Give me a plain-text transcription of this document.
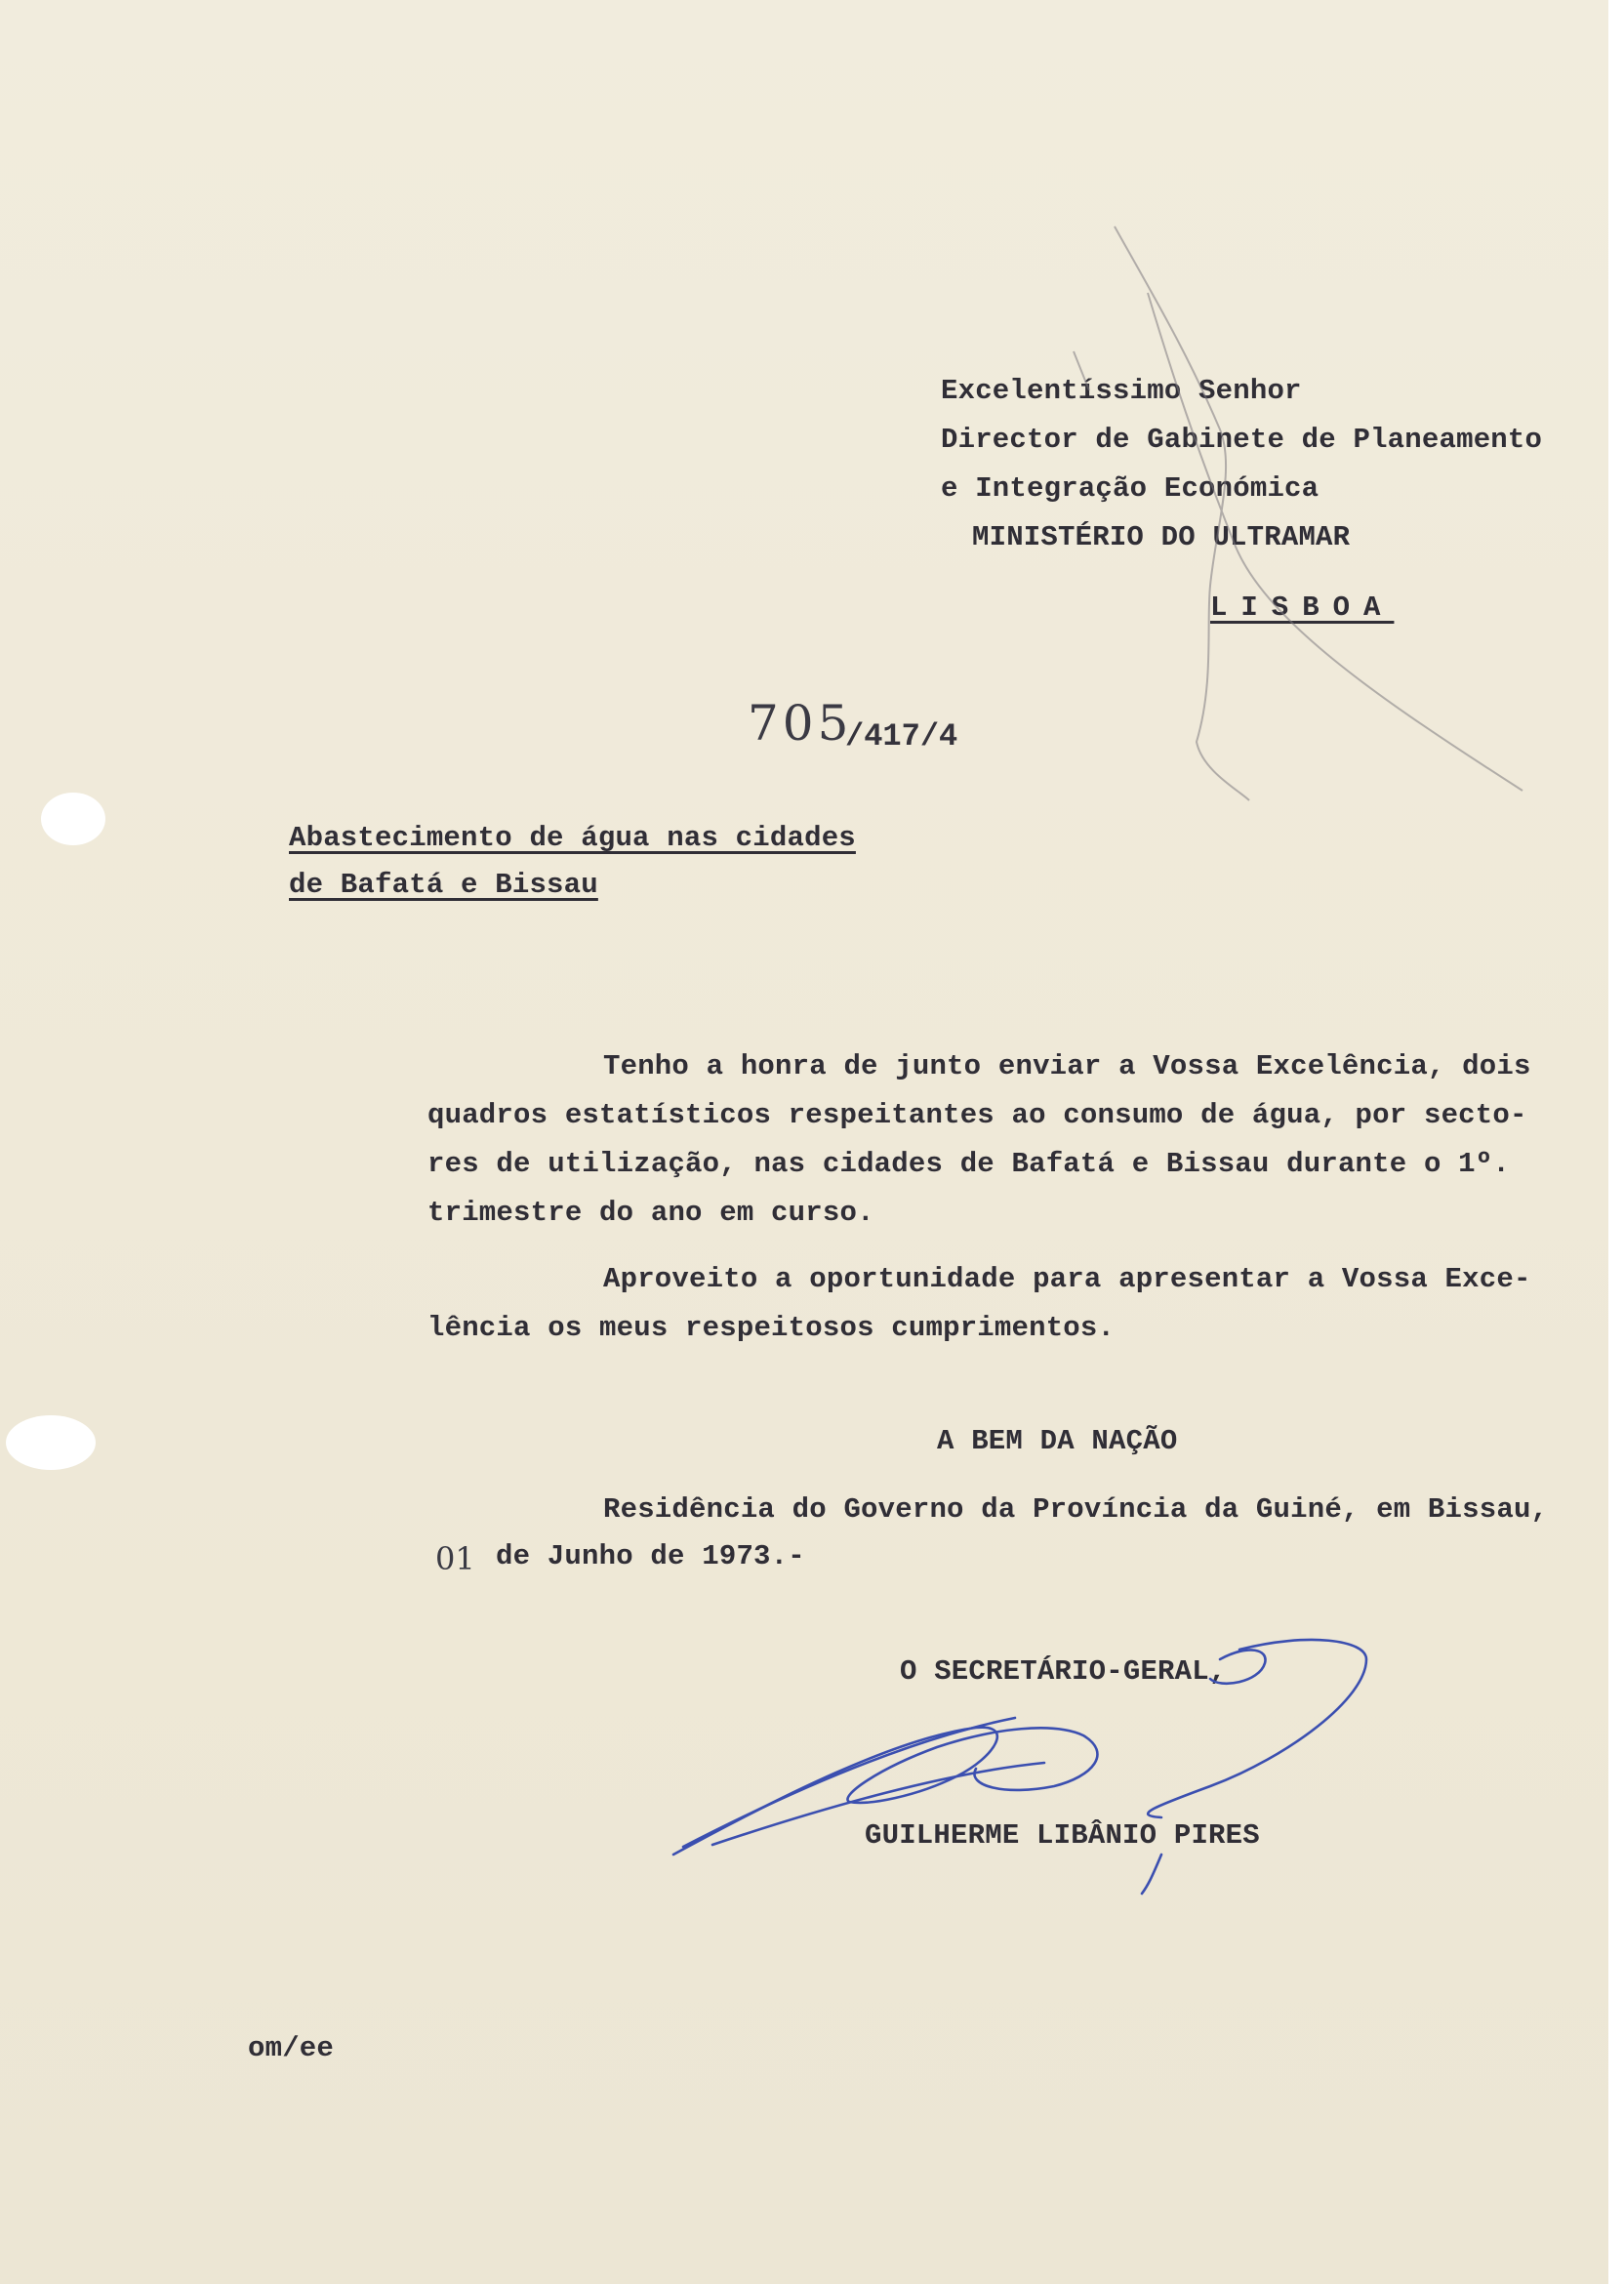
Excelentíssimo Senhor
Director de Gabinete de Planeamento
e Integração Económica
MINISTÉRIO DO ULTRAMAR
LISBOA
705
/417/4
Abastecimento de água nas cidades
de Bafatá e Bissau
Tenho a honra de junto enviar a Vossa Excelência, dois
quadros estatísticos respeitantes ao consumo de água, por secto-
res de utilização, nas cidades de Bafatá e Bissau durante o 1º.
trimestre do ano em curso.
Aproveito a oportunidade para apresentar a Vossa Exce-
lência os meus respeitosos cumprimentos.
A BEM DA NAÇÃO
Residência do Governo da Província da Guiné, em Bissau,
01 de Junho de 1973.-
O SECRETÁRIO-GERAL,
GUILHERME LIBÂNIO PIRES
om/ee
